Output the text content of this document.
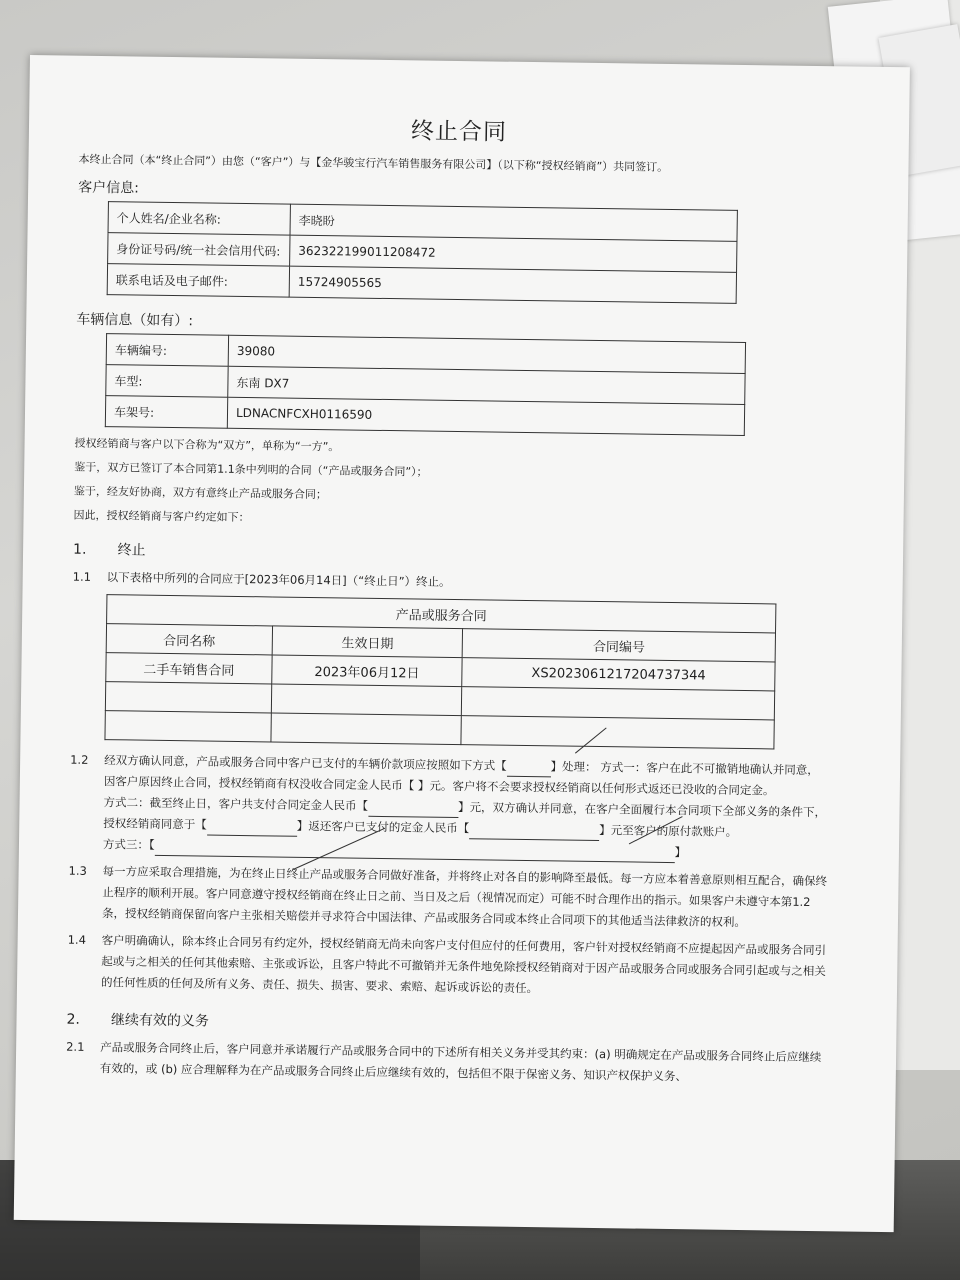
终止合同
本终止合同（本“终止合同”）由您（“客户”）与【金华骏宝行汽车销售服务有限公司】（以下称“授权经销商”）共同签订。
客户信息:
个人姓名/企业名称:	李晓盼
身份证号码/统一社会信用代码:	362322199011208472
联系电话及电子邮件:	15724905565
车辆信息（如有）:
车辆编号:	39080
车型:	东南 DX7
车架号:	LDNACNFCXH0116590
授权经销商与客户以下合称为“双方”，单称为“一方”。
鉴于，双方已签订了本合同第1.1条中列明的合同（“产品或服务合同”）；
鉴于，经友好协商，双方有意终止产品或服务合同；
因此，授权经销商与客户约定如下：
1. 终止
1.1	以下表格中所列的合同应于[2023年06月14日]（“终止日”）终止。
产品或服务合同		
合同名称	生效日期	合同编号
二手车销售合同	2023年06月12日	XS2023061217204737344

1.2	经双方确认同意，产品或服务合同中客户已支付的车辆价款项应按照如下方式【	】处理： 方式一：客户在此不可撤销地确认并同意，因客户原因终止合同，授权经销商有权没收合同定金人民币【 】元。客户将不会要求授权经销商以任何形式返还已没收的合同定金。
方式二：截至终止日，客户共支付合同定金人民币【	】元，双方确认并同意，在客户全面履行本合同项下全部义务的条件下，授权经销商同意于【	】返还客户已支付的定金人民币【	】元至客户的原付款账户。
方式三：【】
1.3	每一方应采取合理措施，为在终止日终止产品或服务合同做好准备，并将终止对各自的影响降至最低。每一方应本着善意原则相互配合，确保终止程序的顺利开展。客户同意遵守授权经销商在终止日之前、当日及之后（视情况而定）可能不时合理作出的指示。如果客户未遵守本第1.2条，授权经销商保留向客户主张相关赔偿并寻求符合中国法律、产品或服务合同或本终止合同项下的其他适当法律救济的权利。
1.4	客户明确确认，除本终止合同另有约定外，授权经销商无尚未向客户支付但应付的任何费用，客户针对授权经销商不应提起因产品或服务合同引起或与之相关的任何其他索赔、主张或诉讼，且客户特此不可撤销并无条件地免除授权经销商对于因产品或服务合同或服务合同引起或与之相关的任何性质的任何及所有义务、责任、损失、损害、要求、索赔、起诉或诉讼的责任。
2. 继续有效的义务
2.1	产品或服务合同终止后，客户同意并承诺履行产品或服务合同中的下述所有相关义务并受其约束：(a) 明确规定在产品或服务合同终止后应继续有效的，或 (b) 应合理解释为在产品或服务合同终止后应继续有效的，包括但不限于保密义务、知识产权保护义务、
